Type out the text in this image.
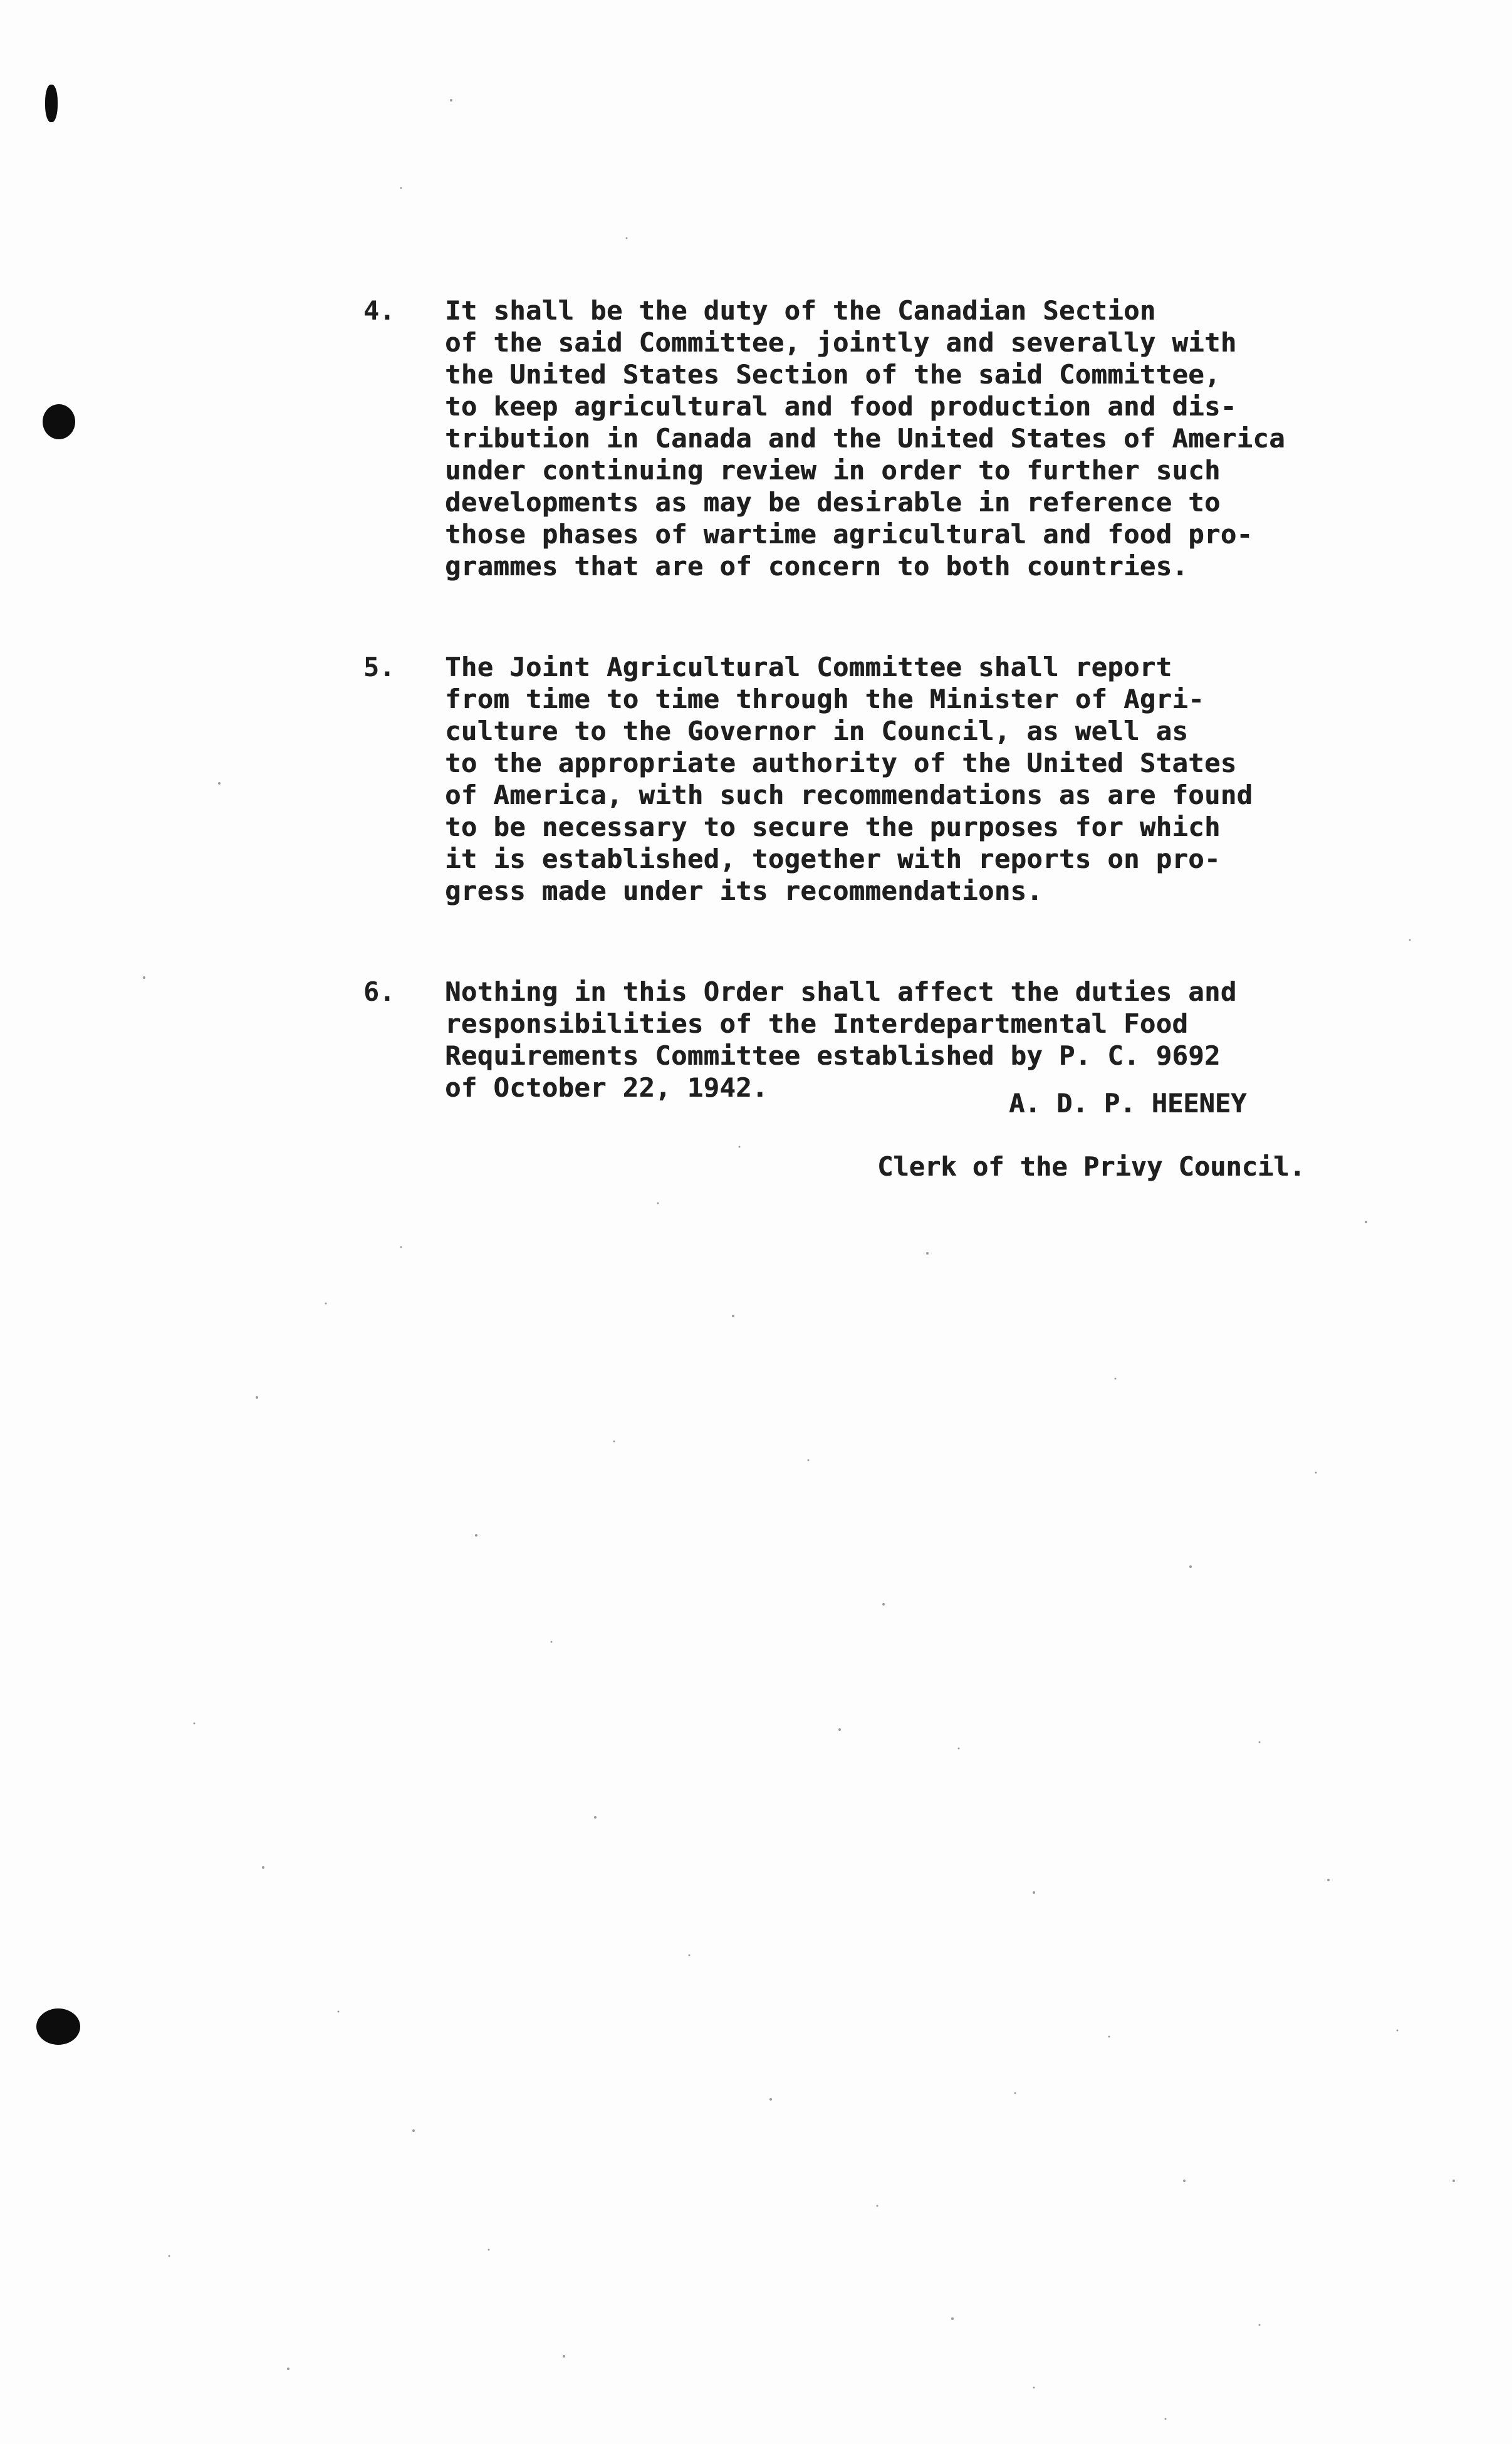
4.	It shall be the duty of the Canadian Section
of the said Committee, jointly and severally with
the United States Section of the said Committee,
to keep agricultural and food production and dis-
tribution in Canada and the United States of America
under continuing review in order to further such
developments as may be desirable in reference to
those phases of wartime agricultural and food pro-
grammes that are of concern to both countries.
5.	The Joint Agricultural Committee shall report
from time to time through the Minister of Agri-
culture to the Governor in Council, as well as
to the appropriate authority of the United States
of America, with such recommendations as are found
to be necessary to secure the purposes for which
it is established, together with reports on pro-
gress made under its recommendations.
6.	Nothing in this Order shall affect the duties and
responsibilities of the Interdepartmental Food
Requirements Committee established by P. C. 9692
of October 22, 1942.
A. D. P. HEENEY
Clerk of the Privy Council.
